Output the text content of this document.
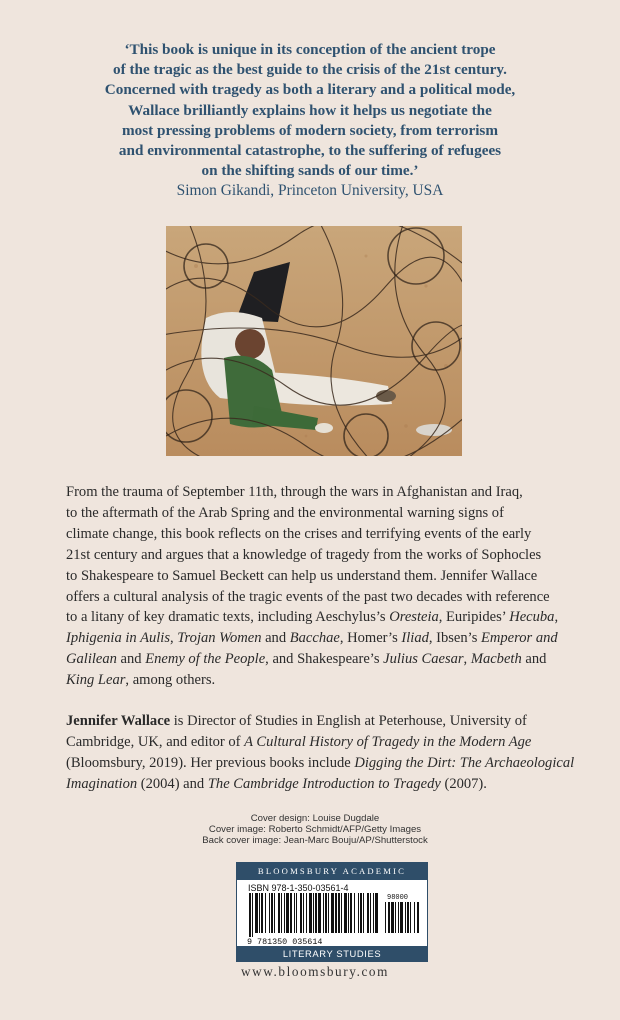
‘This book is unique in its conception of the ancient trope
of the tragic as the best guide to the crisis of the 21st century.
Concerned with tragedy as both a literary and a political mode,
Wallace brilliantly explains how it helps us negotiate the
most pressing problems of modern society, from terrorism
and environmental catastrophe, to the suffering of refugees
on the shifting sands of our time.’
Simon Gikandi, Princeton University, USA
From the trauma of September 11th, through the wars in Afghanistan and Iraq,
to the aftermath of the Arab Spring and the environmental warning signs of
climate change, this book reflects on the crises and terrifying events of the early
21st century and argues that a knowledge of tragedy from the works of Sophocles
to Shakespeare to Samuel Beckett can help us understand them. Jennifer Wallace
offers a cultural analysis of the tragic events of the past two decades with reference
to a litany of key dramatic texts, including Aeschylus’s Oresteia, Euripides’ Hecuba,
Iphigenia in Aulis, Trojan Women and Bacchae, Homer’s Iliad, Ibsen’s Emperor and
Galilean and Enemy of the People, and Shakespeare’s Julius Caesar, Macbeth and
King Lear, among others.
Jennifer Wallace is Director of Studies in English at Peterhouse, University of
Cambridge, UK, and editor of A Cultural History of Tragedy in the Modern Age
(Bloomsbury, 2019). Her previous books include Digging the Dirt: The Archaeological
Imagination (2004) and The Cambridge Introduction to Tragedy (2007).
Cover design: Louise Dugdale
Cover image: Roberto Schmidt/AFP/Getty Images
Back cover image: Jean-Marc Bouju/AP/Shutterstock
BLOOMSBURY ACADEMIC
ISBN 978-1-350-03561-4
9 781350 035614
98000
LITERARY STUDIES
www.bloomsbury.com
